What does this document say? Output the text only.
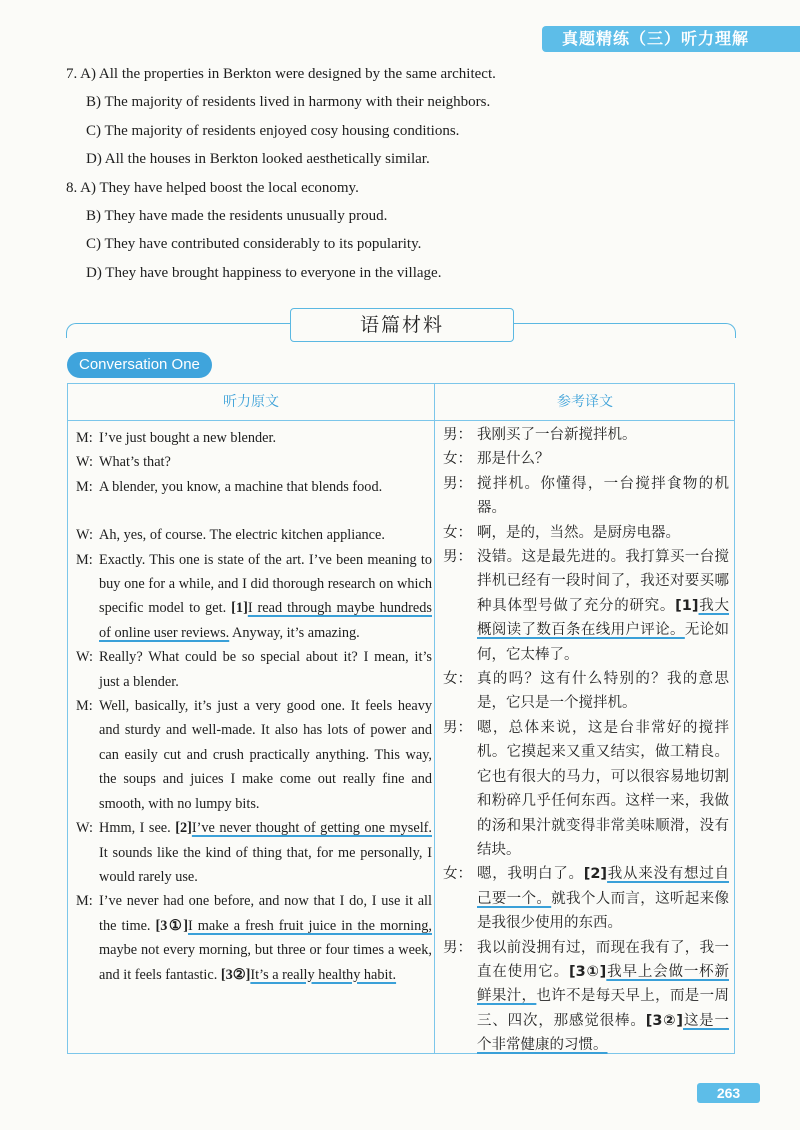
真题精练（三）听力理解
7. A) All the properties in Berkton were designed by the same architect.
B) The majority of residents lived in harmony with their neighbors.
C) The majority of residents enjoyed cosy housing conditions.
D) All the houses in Berkton looked aesthetically similar.
8. A) They have helped boost the local economy.
B) They have made the residents unusually proud.
C) They have contributed considerably to its popularity.
D) They have brought happiness to everyone in the village.
语篇材料
Conversation One
听力原文	参考译文
M: I’ve just bought a new blender.
W: What’s that?
M: A blender, you know, a machine that blends food.
W: Ah, yes, of course. The electric kitchen appliance.
M: Exactly. This one is state of the art. I’ve been meaning to buy one for a while, and I did thorough research on which specific model to get. [1]I read through maybe hundreds of online user reviews. Anyway, it’s amazing.
W: Really? What could be so special about it? I mean, it’s just a blender.
M: Well, basically, it’s just a very good one. It feels heavy and sturdy and well-made. It also has lots of power and can easily cut and crush practically anything. This way, the soups and juices I make come out really fine and smooth, with no lumpy bits.
W: Hmm, I see. [2]I’ve never thought of getting one myself. It sounds like the kind of thing that, for me personally, I would rarely use.
M: I’ve never had one before, and now that I do, I use it all the time. [3①]I make a fresh fruit juice in the morning, maybe not every morning, but three or four times a week, and it feels fantastic. [3②]It’s a really healthy habit.
男： 我刚买了一台新搅拌机。
女： 那是什么？
男： 搅拌机。你懂得，一台搅拌食物的机器。
女： 啊，是的，当然。是厨房电器。
男： 没错。这是最先进的。我打算买一台搅拌机已经有一段时间了，我还对要买哪种具体型号做了充分的研究。[1]我大概阅读了数百条在线用户评论。无论如何，它太棒了。
女： 真的吗？这有什么特别的？我的意思是，它只是一个搅拌机。
男： 嗯，总体来说，这是台非常好的搅拌机。它摸起来又重又结实，做工精良。它也有很大的马力，可以很容易地切割和粉碎几乎任何东西。这样一来，我做的汤和果汁就变得非常美味顺滑，没有结块。
女： 嗯，我明白了。[2]我从来没有想过自己要一个。就我个人而言，这听起来像是我很少使用的东西。
男： 我以前没拥有过，而现在我有了，我一直在使用它。[3①]我早上会做一杯新鲜果汁，也许不是每天早上，而是一周三、四次，那感觉很棒。[3②]这是一个非常健康的习惯。
263
